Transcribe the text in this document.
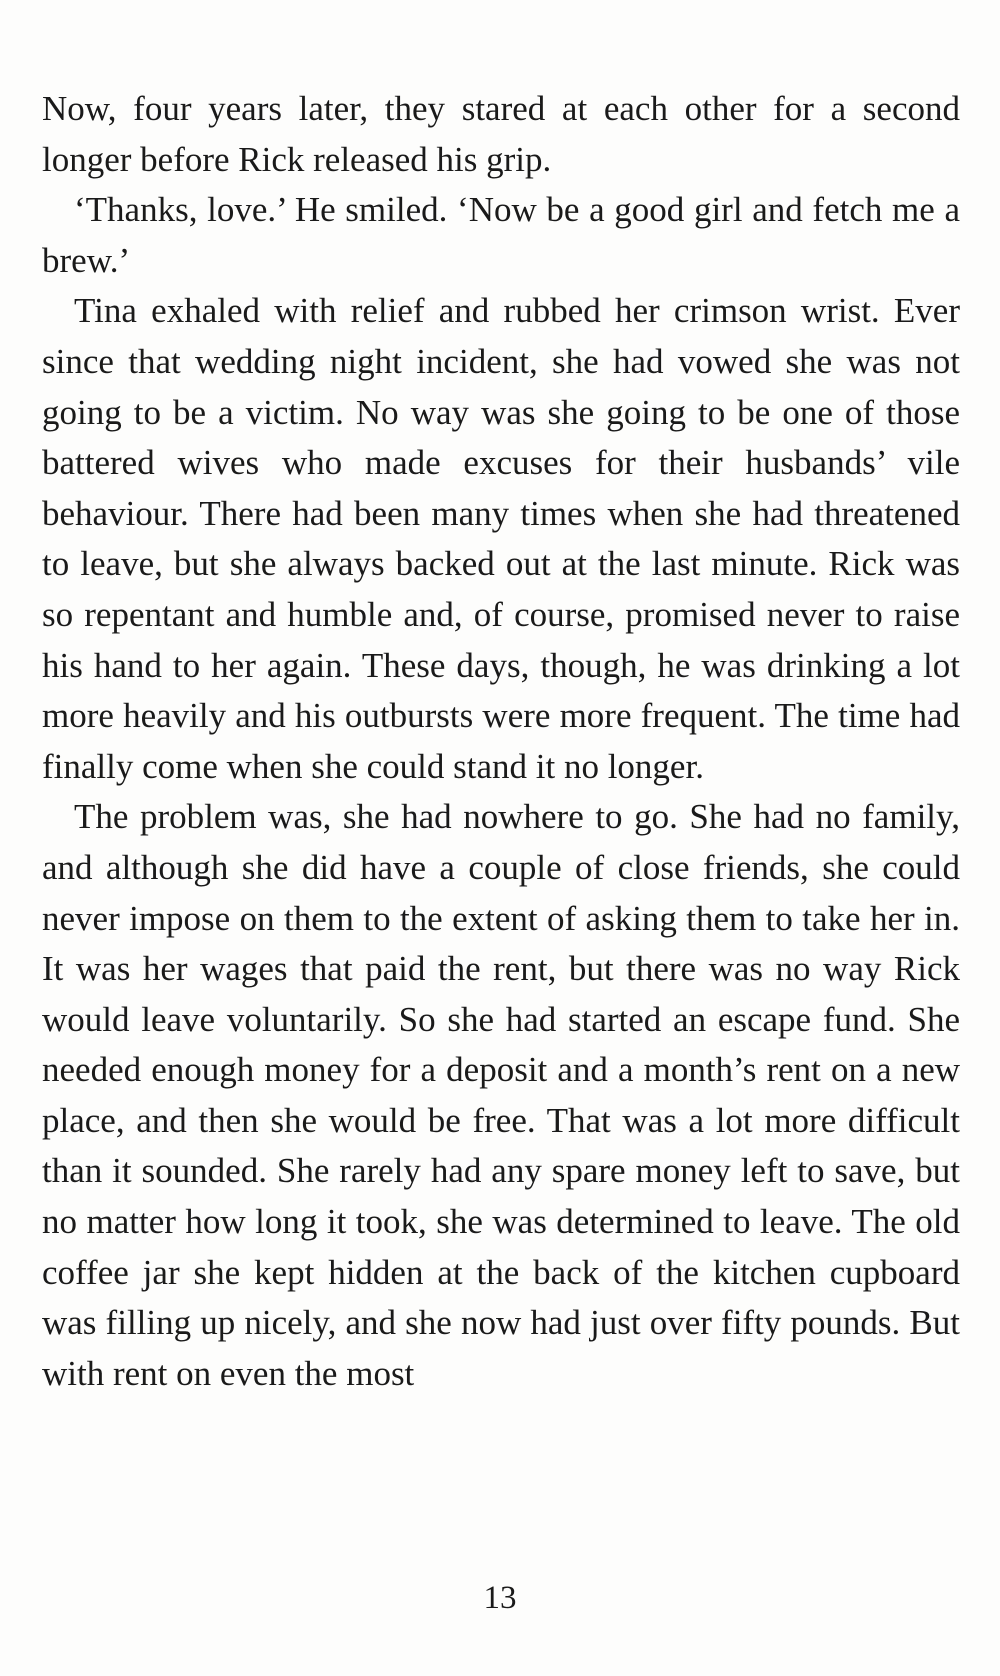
Now, four years later, they stared at each other for a second longer before Rick released his grip.

‘Thanks, love.’ He smiled. ‘Now be a good girl and fetch me a brew.’

Tina exhaled with relief and rubbed her crimson wrist. Ever since that wedding night incident, she had vowed she was not going to be a victim. No way was she going to be one of those battered wives who made excuses for their husbands’ vile behaviour. There had been many times when she had threatened to leave, but she always backed out at the last minute. Rick was so repentant and humble and, of course, promised never to raise his hand to her again. These days, though, he was drinking a lot more heavily and his outbursts were more frequent. The time had finally come when she could stand it no longer.

The problem was, she had nowhere to go. She had no family, and although she did have a couple of close friends, she could never impose on them to the extent of asking them to take her in. It was her wages that paid the rent, but there was no way Rick would leave voluntarily. So she had started an escape fund. She needed enough money for a deposit and a month’s rent on a new place, and then she would be free. That was a lot more difficult than it sounded. She rarely had any spare money left to save, but no matter how long it took, she was determined to leave. The old coffee jar she kept hidden at the back of the kitchen cupboard was filling up nicely, and she now had just over fifty pounds. But with rent on even the most

13
